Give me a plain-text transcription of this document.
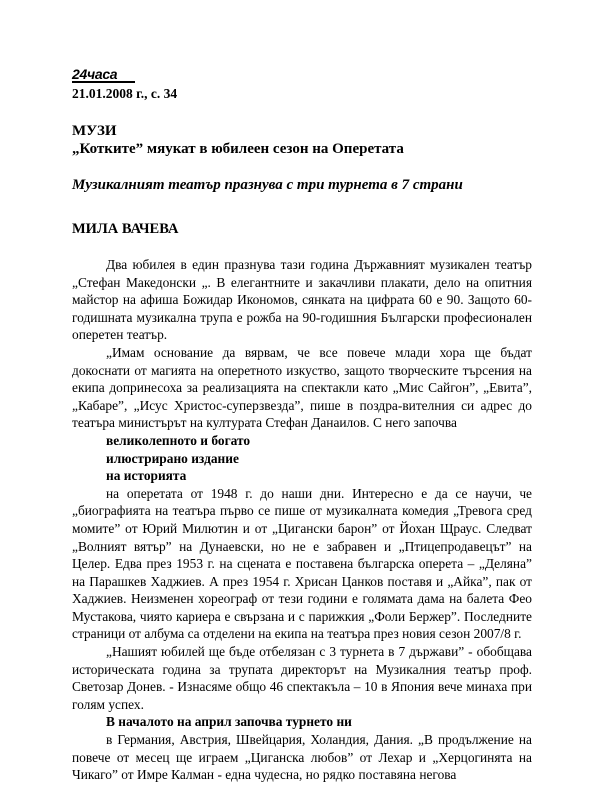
24часа
21.01.2008 г., с. 34
МУЗИ
„Котките” мяукат в юбилеен сезон на Оперетата
Музикалният театър празнува с три турнета в 7 страни
МИЛА ВАЧЕВА

Два юбилея в един празнува тази година Държавният музикален театър „Стефан Македонски „. В елегантните и закачливи плакати, дело на опитния майстор на афиша Божидар Икономов, сянката на цифрата 60 е 90. Защото 60-годишната музикална трупа е рожба на 90-годишния Български професионален оперетен театър.

„Имам основание да вярвам, че все повече млади хора ще бъдат докоснати от магията на оперетното изкуство, защото творческите търсения на екипа допринесоха за реализацията на спектакли като „Мис Сайгон”, „Евита”, „Кабаре”, „Исус Христос-суперзвезда”, пише в поздра-вителния си адрес до театъра министърът на културата Стефан Данаилов. С него започва

великолепното и богато

илюстрирано издание

на историята

на оперетата от 1948 г. до наши дни. Интересно е да се научи, че „биографията на театъра първо се пише от музикалната комедия „Тревога сред момите” от Юрий Милютин и от „Цигански барон” от Йохан Щраус. Следват „Волният вятър” на Дунаевски, но не е забравен и „Птицепродавецът” на Целер. Едва през 1953 г. на сцената е поставена българска оперета – „Деляна” на Парашкев Хаджиев. А през 1954 г. Хрисан Цанков поставя и „Айка”, пак от Хаджиев. Неизменен хореограф от тези години е голямата дама на балета Фео Мустакова, чиято кариера е свързана и с парижкия „Фоли Бержер”. Последните страници от албума са отделени на екипа на театъра през новия сезон 2007/8 г.

„Нашият юбилей ще бъде отбелязан с 3 турнета в 7 държави” - обобщава историческата година за трупата директорът на Музикалния театър проф. Светозар Донев. - Изнасяме общо 46 спектакъла – 10 в Япония вече минаха при голям успех.

В началото на април започва турнето ни

в Германия, Австрия, Швейцария, Холандия, Дания. „В продължение на повече от месец ще играем „Циганска любов” от Лехар и „Херцогинята на Чикаго” от Имре Калман - една чудесна, но рядко поставяна негова
